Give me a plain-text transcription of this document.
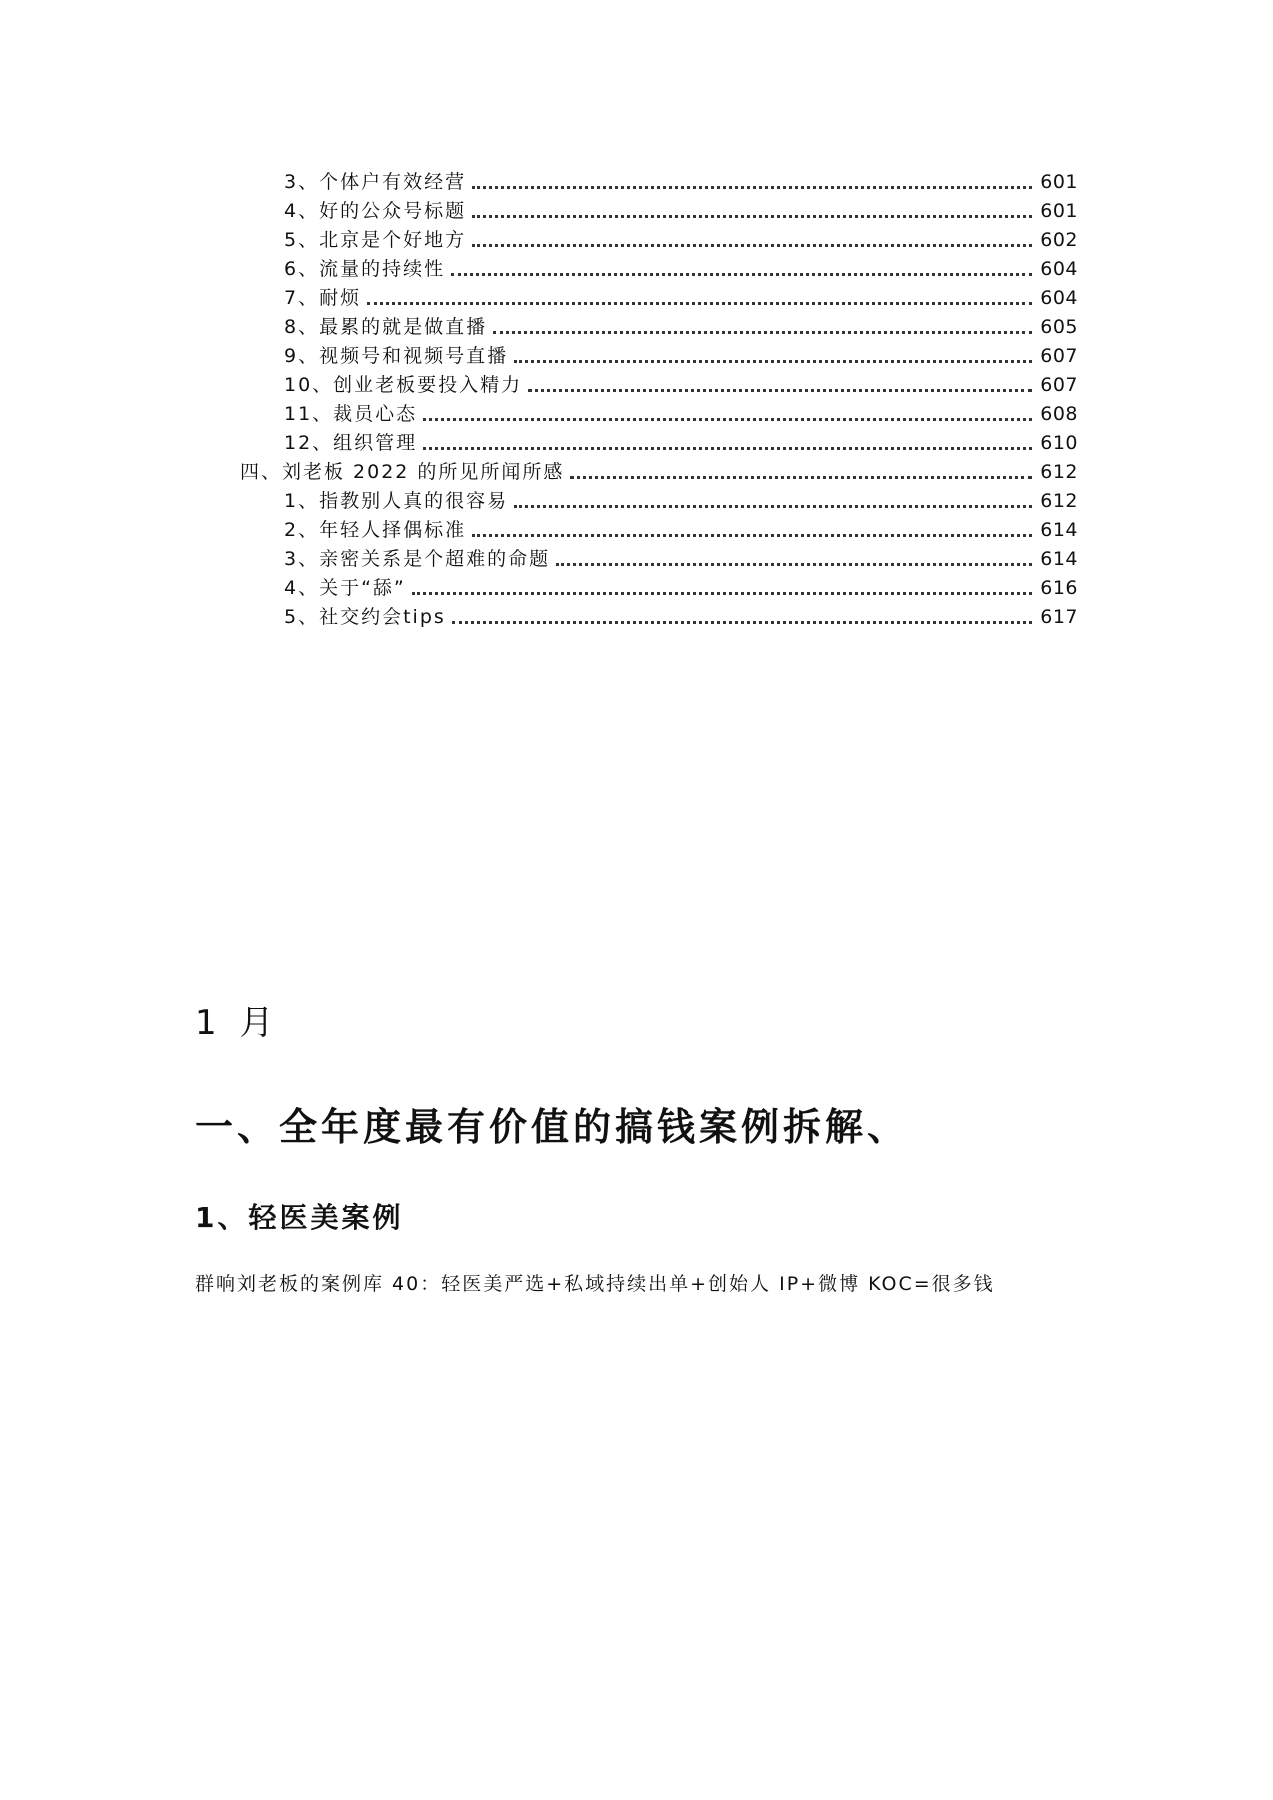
3、个体户有效经营	601
4、好的公众号标题	601
5、北京是个好地方	602
6、流量的持续性	604
7、耐烦	604
8、最累的就是做直播	605
9、视频号和视频号直播	607
10、创业老板要投入精力	607
11、裁员心态	608
12、组织管理	610
四、刘老板 2022 的所见所闻所感	612
1、指教别人真的很容易	612
2、年轻人择偶标准	614
3、亲密关系是个超难的命题	614
4、关于“舔”	616
5、社交约会tips	617
1 月
一、全年度最有价值的搞钱案例拆解、
1、轻医美案例

群响刘老板的案例库 40：轻医美严选+私域持续出单+创始人 IP+微博 KOC=很多钱
